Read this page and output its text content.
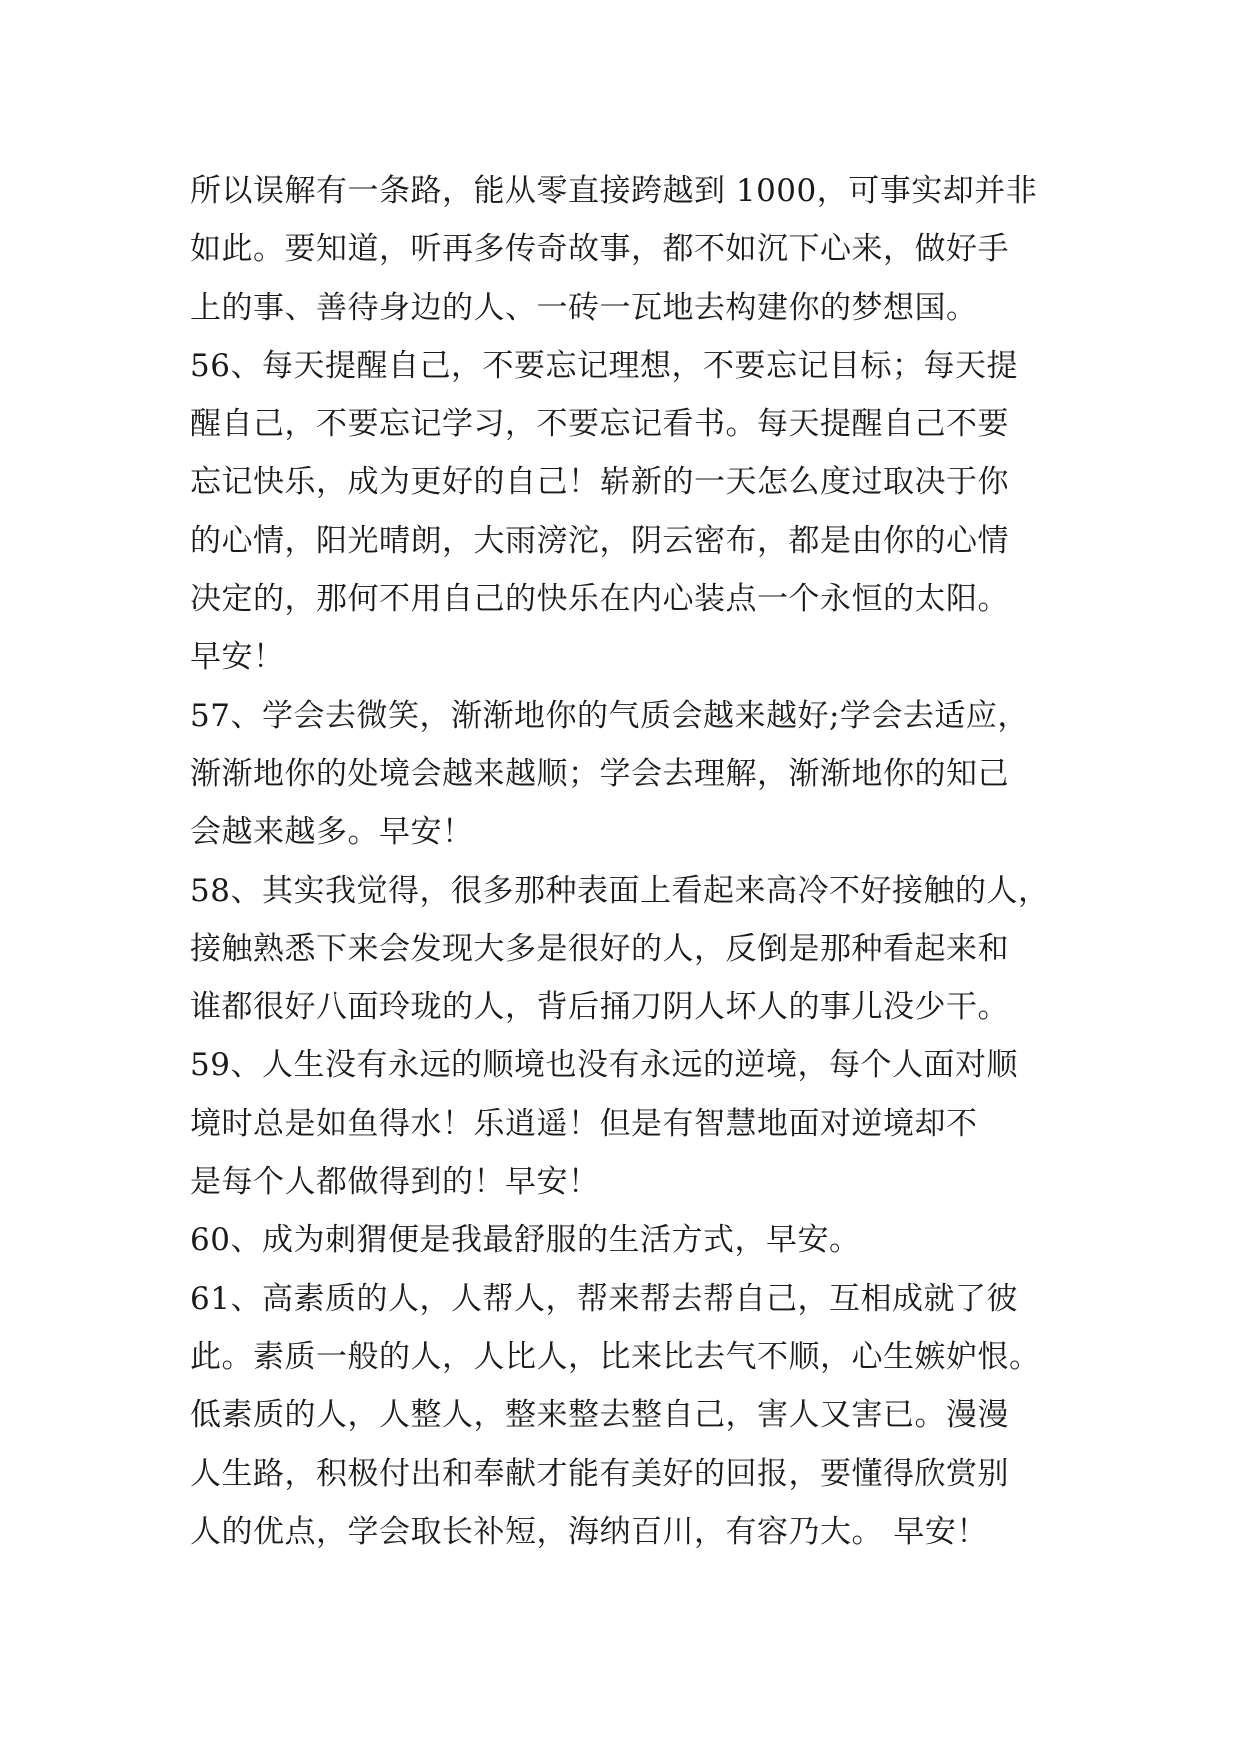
所以误解有一条路，能从零直接跨越到 1000，可事实却并非
如此。要知道，听再多传奇故事，都不如沉下心来，做好手
上的事、善待身边的人、一砖一瓦地去构建你的梦想国。
56、每天提醒自己，不要忘记理想，不要忘记目标；每天提
醒自己，不要忘记学习，不要忘记看书。每天提醒自己不要
忘记快乐，成为更好的自己！崭新的一天怎么度过取决于你
的心情，阳光晴朗，大雨滂沱，阴云密布，都是由你的心情
决定的，那何不用自己的快乐在内心装点一个永恒的太阳。
早安！
57、学会去微笑，渐渐地你的气质会越来越好;学会去适应，
渐渐地你的处境会越来越顺；学会去理解，渐渐地你的知己
会越来越多。早安！
58、其实我觉得，很多那种表面上看起来高冷不好接触的人，
接触熟悉下来会发现大多是很好的人，反倒是那种看起来和
谁都很好八面玲珑的人，背后捅刀阴人坏人的事儿没少干。
59、人生没有永远的顺境也没有永远的逆境，每个人面对顺
境时总是如鱼得水！乐逍遥！但是有智慧地面对逆境却不
是每个人都做得到的！早安！
60、成为刺猬便是我最舒服的生活方式，早安。
61、高素质的人，人帮人，帮来帮去帮自己，互相成就了彼
此。素质一般的人，人比人，比来比去气不顺，心生嫉妒恨。
低素质的人，人整人，整来整去整自己，害人又害已。漫漫
人生路，积极付出和奉献才能有美好的回报，要懂得欣赏别
人的优点，学会取长补短，海纳百川，有容乃大。 早安！
